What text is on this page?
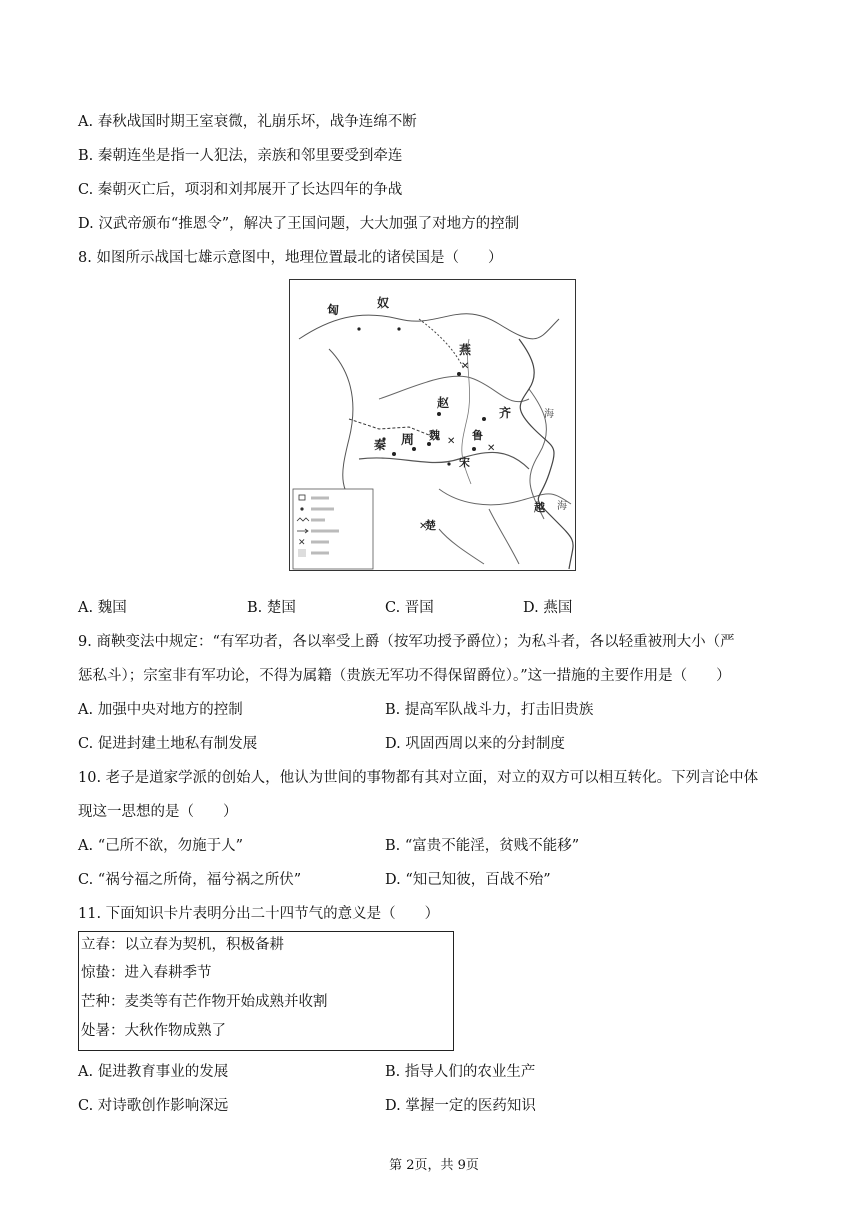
A. 春秋战国时期王室衰微，礼崩乐坏，战争连绵不断
B. 秦朝连坐是指一人犯法，亲族和邻里要受到牵连
C. 秦朝灭亡后，项羽和刘邦展开了长达四年的争战
D. 汉武帝颁布“推恩令”，解决了王国问题，大大加强了对地方的控制
8. 如图所示战国七雄示意图中，地理位置最北的诸侯国是（　　）
✕
✕
✕
✕
匈	奴
燕
赵
齐
周 魏	鲁
宋
秦
楚
越
海
海
✕
A. 魏国	B. 楚国	C. 晋国	D. 燕国
9. 商鞅变法中规定：“有军功者，各以率受上爵（按军功授予爵位）；为私斗者，各以轻重被刑大小（严
惩私斗）；宗室非有军功论，不得为属籍（贵族无军功不得保留爵位）。”这一措施的主要作用是（　　）
A. 加强中央对地方的控制	B. 提高军队战斗力，打击旧贵族
C. 促进封建土地私有制发展	D. 巩固西周以来的分封制度
10. 老子是道家学派的创始人，他认为世间的事物都有其对立面，对立的双方可以相互转化。下列言论中体
现这一思想的是（　　）
A. “己所不欲，勿施于人”	B. “富贵不能淫，贫贱不能移”
C. “祸兮福之所倚，福兮祸之所伏”	D. “知己知彼，百战不殆”
11. 下面知识卡片表明分出二十四节气的意义是（　　）
立春：以立春为契机，积极备耕
惊蛰：进入春耕季节
芒种：麦类等有芒作物开始成熟并收割
处暑：大秋作物成熟了
A. 促进教育事业的发展	B. 指导人们的农业生产
C. 对诗歌创作影响深远	D. 掌握一定的医药知识
第 2页，共 9页
